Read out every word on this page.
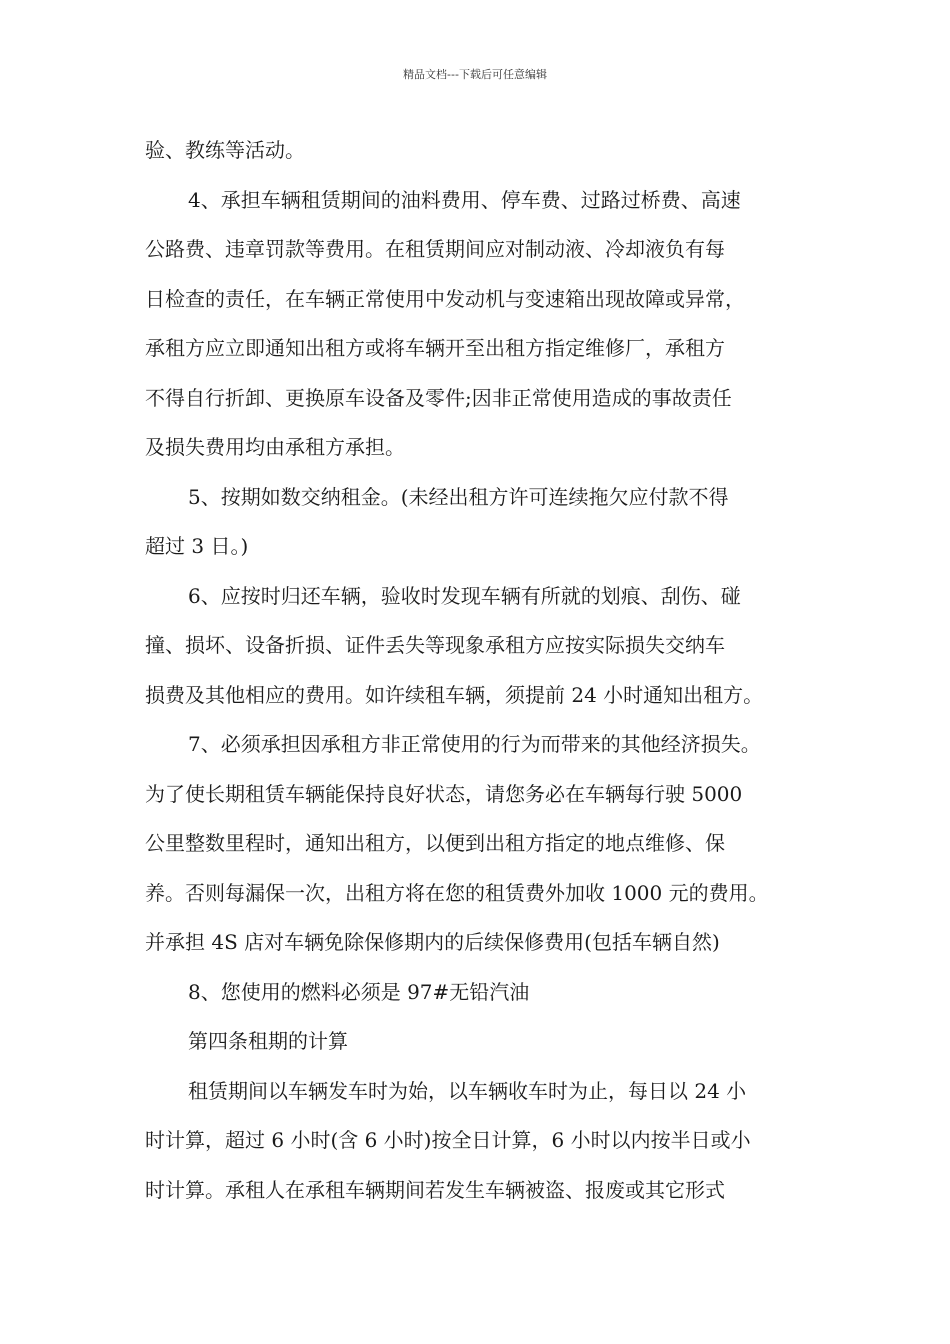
精品文档---下载后可任意编辑
验、教练等活动。
4、承担车辆租赁期间的油料费用、停车费、过路过桥费、高速
公路费、违章罚款等费用。在租赁期间应对制动液、冷却液负有每
日检查的责任，在车辆正常使用中发动机与变速箱出现故障或异常，
承租方应立即通知出租方或将车辆开至出租方指定维修厂，承租方
不得自行折卸、更换原车设备及零件;因非正常使用造成的事故责任
及损失费用均由承租方承担。
5、按期如数交纳租金。(未经出租方许可连续拖欠应付款不得
超过 3 日。)
6、应按时归还车辆，验收时发现车辆有所就的划痕、刮伤、碰
撞、损坏、设备折损、证件丢失等现象承租方应按实际损失交纳车
损费及其他相应的费用。如许续租车辆，须提前 24 小时通知出租方。
7、必须承担因承租方非正常使用的行为而带来的其他经济损失。
为了使长期租赁车辆能保持良好状态，请您务必在车辆每行驶 5000
公里整数里程时，通知出租方，以便到出租方指定的地点维修、保
养。否则每漏保一次，出租方将在您的租赁费外加收 1000 元的费用。
并承担 4S 店对车辆免除保修期内的后续保修费用(包括车辆自然)
8、您使用的燃料必须是 97#无铅汽油
第四条租期的计算
租赁期间以车辆发车时为始，以车辆收车时为止，每日以 24 小
时计算，超过 6 小时(含 6 小时)按全日计算，6 小时以内按半日或小
时计算。承租人在承租车辆期间若发生车辆被盗、报废或其它形式
